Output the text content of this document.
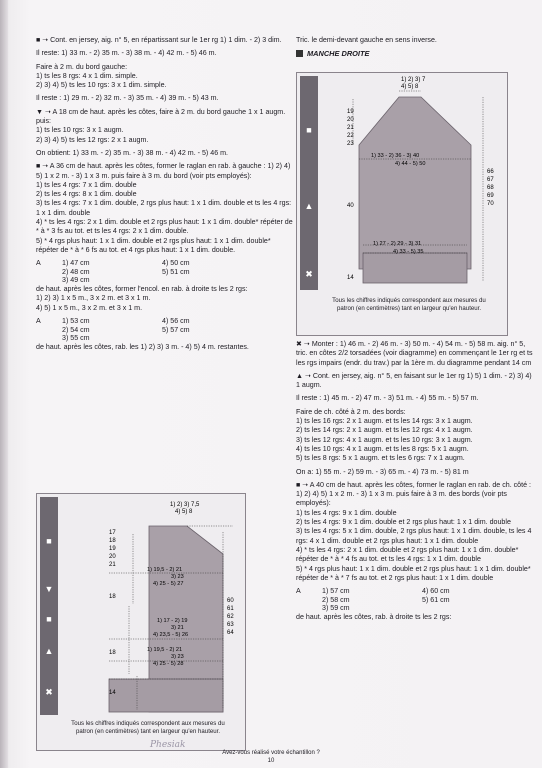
■ ➝ Cont. en jersey, aig. n° 5, en répartissant sur le 1er rg 1) 1 dim. - 2) 3 dim.

Il reste: 1) 33 m. - 2) 35 m. - 3) 38 m. - 4) 42 m. - 5) 46 m.

Faire à 2 m. du bord gauche:
1) ts les 8 rgs: 4 x 1 dim. simple.
2) 3) 4) 5) ts les 10 rgs: 3 x 1 dim. simple.

Il reste : 1) 29 m. - 2) 32 m. - 3) 35 m. - 4) 39 m. - 5) 43 m.

▼ ➝ A 18 cm de haut. après les côtes, faire à 2 m. du bord gauche 1 x 1 augm. puis:
1) ts les 10 rgs: 3 x 1 augm.
2) 3) 4) 5) ts les 12 rgs: 2 x 1 augm.

On obtient: 1) 33 m. - 2) 35 m. - 3) 38 m. - 4) 42 m. - 5) 46 m.

■ ➝ A 36 cm de haut. après les côtes, former le raglan en rab. à gauche : 1) 2) 4) 5) 1 x 2 m. - 3) 1 x 3 m. puis faire à 3 m. du bord (voir pts employés):
1) ts les 4 rgs: 7 x 1 dim. double
2) ts les 4 rgs: 8 x 1 dim. double
3) ts les 4 rgs: 7 x 1 dim. double, 2 rgs plus haut: 1 x 1 dim. double et ts les 4 rgs: 1 x 1 dim. double
4) * ts les 4 rgs: 2 x 1 dim. double et 2 rgs plus haut: 1 x 1 dim. double* répéter de * à * 3 fs au tot. et ts les 4 rgs: 2 x 1 dim. double.
5) * 4 rgs plus haut: 1 x 1 dim. double et 2 rgs plus haut: 1 x 1 dim. double* répéter de * à * 6 fs au tot. et 4 rgs plus haut: 1 x 1 dim. double.

A	1) 47 cm	4) 50 cm
2) 48 cm	5) 51 cm
3) 49 cm

de haut. après les côtes, former l'encol. en rab. à droite ts les 2 rgs:
1) 2) 3) 1 x 5 m., 3 x 2 m. et 3 x 1 m.
4) 5) 1 x 5 m., 3 x 2 m. et 3 x 1 m.

A	1) 53 cm	4) 56 cm
2) 54 cm	5) 57 cm
3) 55 cm

de haut. après les côtes, rab. les 1) 2) 3) 3 m. - 4) 5) 4 m. restantes.

■
▼
■
▲
✖
1) 2) 3) 7,5
4) 5) 8
17
18
19
20
21
60
61
62
63
64
1) 19,5 - 2) 21
3) 23
4) 25 - 5) 27
18
18
1) 17 - 2) 19
3) 21
4) 23,5 - 5) 26
1) 19,5 - 2) 21
3) 23
4) 25 - 5) 28
14
Tous les chiffres indiqués correspondent aux mesures du patron (en centimètres) tant en largeur qu'en hauteur.

Tric. le demi-devant gauche en sens inverse.

MANCHE DROITE
■
▲
✖
1) 2) 3) 7
4) 5) 8
19
20
21
22
23
1) 33 - 2) 36 - 3) 40
4) 44 - 5) 50
66
67
68
69
70
40
1) 27 - 2) 29 - 3) 31
4) 33 - 5) 35
14
Tous les chiffres indiqués correspondent aux mesures du patron (en centimètres) tant en largeur qu'en hauteur.

✖ ➝ Monter : 1) 46 m. - 2) 46 m. - 3) 50 m. - 4) 54 m. - 5) 58 m. aig. n° 5, tric. en côtes 2/2 torsadées (voir diagramme) en commençant le 1er rg et ts les rgs impairs (endr. du trav.) par la 1ère m. du diagramme pendant 14 cm

▲ ➝ Cont. en jersey, aig. n° 5, en faisant sur le 1er rg 1) 5) 1 dim. - 2) 3) 4) 1 augm.

Il reste : 1) 45 m. - 2) 47 m. - 3) 51 m. - 4) 55 m. - 5) 57 m.

Faire de ch. côté à 2 m. des bords:
1) ts les 16 rgs: 2 x 1 augm. et ts les 14 rgs: 3 x 1 augm.
2) ts les 14 rgs: 2 x 1 augm. et ts les 12 rgs: 4 x 1 augm.
3) ts les 12 rgs: 4 x 1 augm. et ts les 10 rgs: 3 x 1 augm.
4) ts les 10 rgs: 4 x 1 augm. et ts les 8 rgs: 5 x 1 augm.
5) ts les 8 rgs: 5 x 1 augm. et ts les 6 rgs: 7 x 1 augm.

On a: 1) 55 m. - 2) 59 m. - 3) 65 m. - 4) 73 m. - 5) 81 m

■ ➝ A 40 cm de haut. après les côtes, former le raglan en rab. de ch. côté : 1) 2) 4) 5) 1 x 2 m. - 3) 1 x 3 m. puis faire à 3 m. des bords (voir pts employés):
1) ts les 4 rgs: 9 x 1 dim. double
2) ts les 4 rgs: 9 x 1 dim. double et 2 rgs plus haut: 1 x 1 dim. double
3) ts les 4 rgs: 5 x 1 dim. double, 2 rgs plus haut: 1 x 1 dim. double, ts les 4 rgs: 4 x 1 dim. double et 2 rgs plus haut: 1 x 1 dim. double
4) * ts les 4 rgs: 2 x 1 dim. double et 2 rgs plus haut: 1 x 1 dim. double* répéter de * à * 4 fs au tot. et ts les 4 rgs: 1 x 1 dim. double
5) * 4 rgs plus haut: 1 x 1 dim. double et 2 rgs plus haut: 1 x 1 dim. double* répéter de * à * 7 fs au tot. et 2 rgs plus haut: 1 x 1 dim. double

A	1) 57 cm	4) 60 cm
2) 58 cm	5) 61 cm
3) 59 cm

de haut. après les côtes, rab. à droite ts les 2 rgs:

Phesiak
Avez-vous réalisé votre échantillon ?
10
